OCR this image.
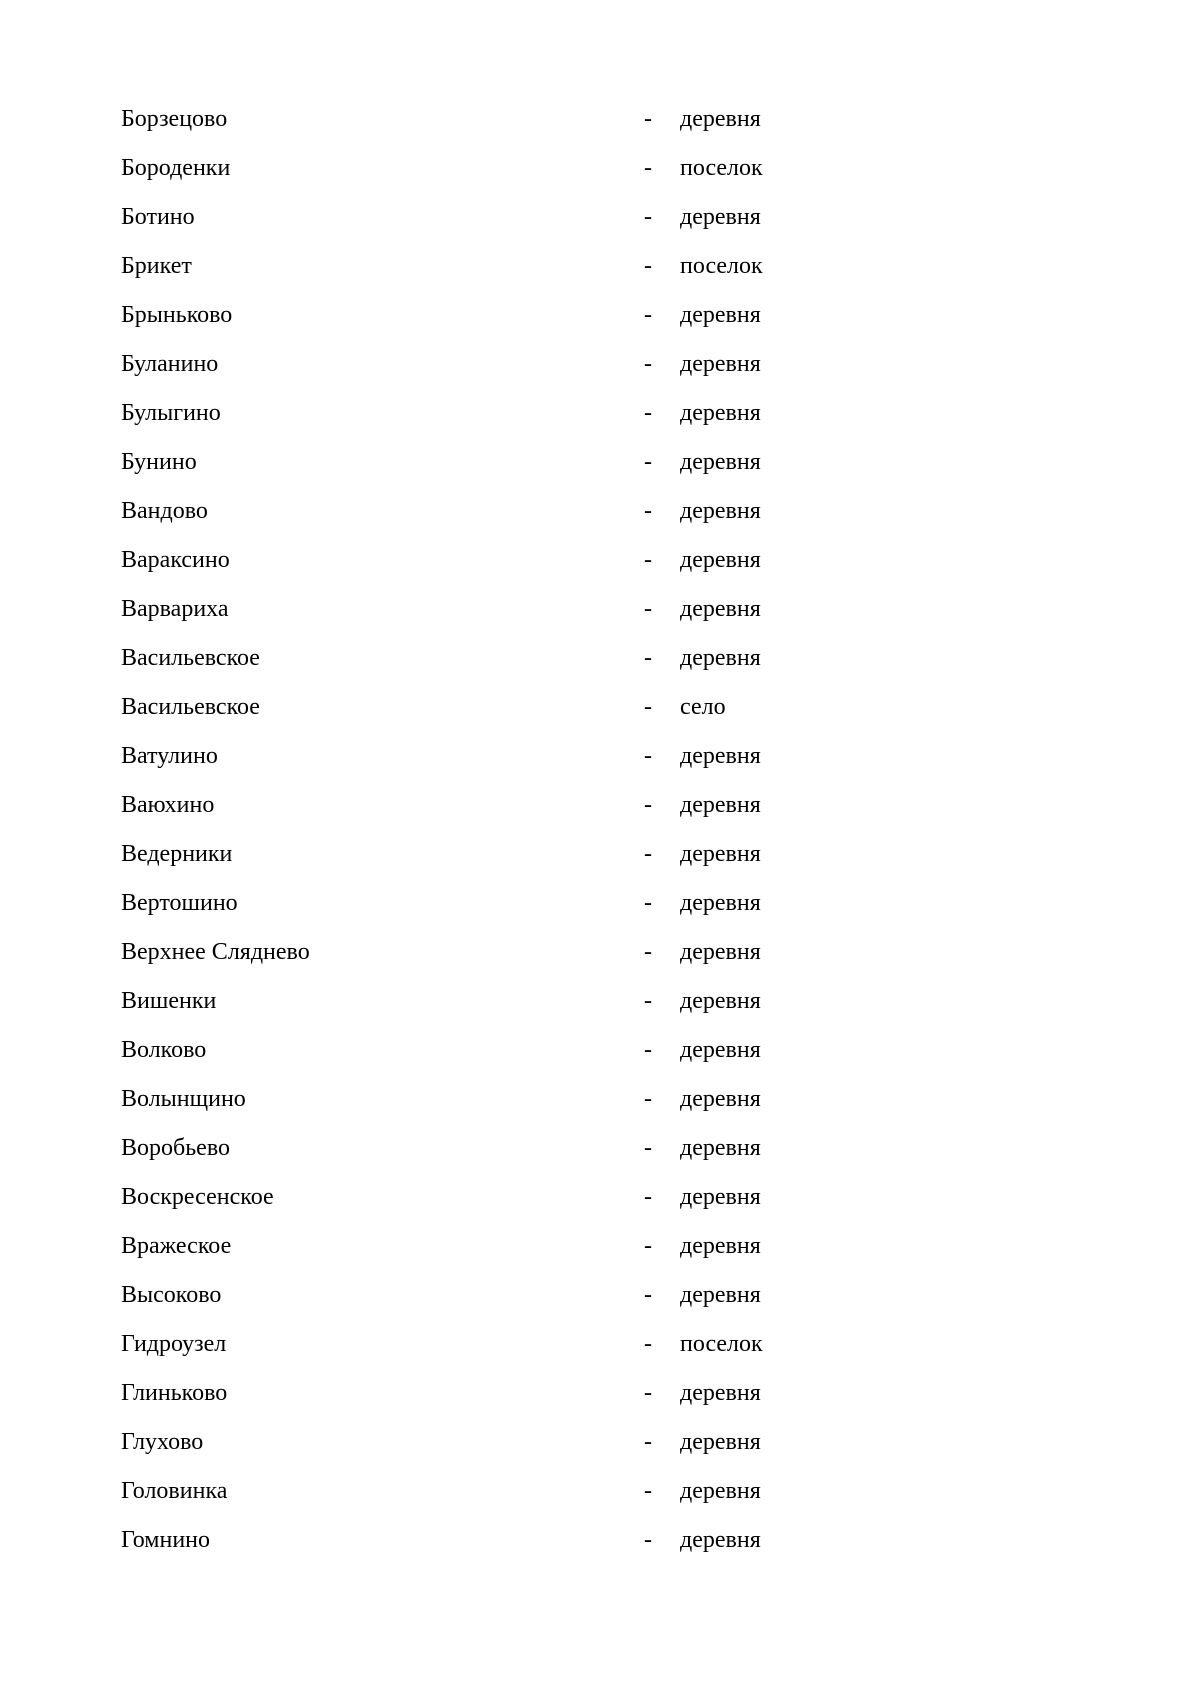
Борзецово	- деревня
Бороденки	- поселок
Ботино	- деревня
Брикет	- поселок
Брыньково	- деревня
Буланино	- деревня
Булыгино	- деревня
Бунино	- деревня
Вандово	- деревня
Вараксино	- деревня
Варвариха	- деревня
Васильевское	- деревня
Васильевское	- село
Ватулино	- деревня
Ваюхино	- деревня
Ведерники	- деревня
Вертошино	- деревня
Верхнее Сляднево	- деревня
Вишенки	- деревня
Волково	- деревня
Волынщино	- деревня
Воробьево	- деревня
Воскресенское	- деревня
Вражеское	- деревня
Высоково	- деревня
Гидроузел	- поселок
Глиньково	- деревня
Глухово	- деревня
Головинка	- деревня
Гомнино	- деревня
